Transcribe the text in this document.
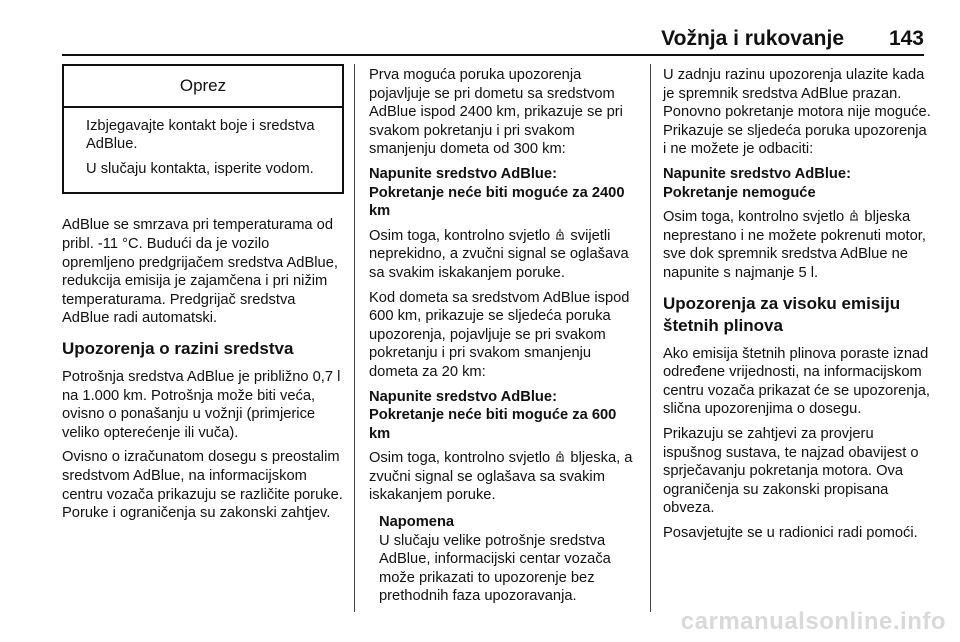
Vožnja i rukovanje 143
Oprez

Izbjegavajte kontakt boje i sredstva AdBlue.

U slučaju kontakta, isperite vodom.

AdBlue se smrzava pri temperaturama od pribl. -11 °C. Budući da je vozilo opremljeno predgrijačem sredstva AdBlue, redukcija emisija je zajamčena i pri nižim temperaturama. Predgrijač sredstva AdBlue radi automatski.

Upozorenja o razini sredstva

Potrošnja sredstva AdBlue je približno 0,7 l na 1.000 km. Potrošnja može biti veća, ovisno o ponašanju u vožnji (primjerice veliko opterećenje ili vuča).

Ovisno o izračunatom dosegu s preostalim sredstvom AdBlue, na informacijskom centru vozača prikazuju se različite poruke. Poruke i ograničenja su zakonski zahtjev.

Prva moguća poruka upozorenja pojavljuje se pri dometu sa sredstvom AdBlue ispod 2400 km, prikazuje se pri svakom pokretanju i pri svakom smanjenju dometa od 300 km:

Napunite sredstvo AdBlue:

Pokretanje neće biti moguće za 2400 km

Osim toga, kontrolno svjetlo svijetli neprekidno, a zvučni signal se oglašava sa svakim iskakanjem poruke.

Kod dometa sa sredstvom AdBlue ispod 600 km, prikazuje se sljedeća poruka upozorenja, pojavljuje se pri svakom pokretanju i pri svakom smanjenju dometa za 20 km:

Napunite sredstvo AdBlue:

Pokretanje neće biti moguće za 600 km

Osim toga, kontrolno svjetlo bljeska, a zvučni signal se oglašava sa svakim iskakanjem poruke.

Napomena
U slučaju velike potrošnje sredstva AdBlue, informacijski centar vozača može prikazati to upozorenje bez prethodnih faza upozoravanja.

U zadnju razinu upozorenja ulazite kada je spremnik sredstva AdBlue prazan. Ponovno pokretanje motora nije moguće. Prikazuje se sljedeća poruka upozorenja i ne možete je odbaciti:

Napunite sredstvo AdBlue:

Pokretanje nemoguće

Osim toga, kontrolno svjetlo bljeska neprestano i ne možete pokrenuti motor, sve dok spremnik sredstva AdBlue ne napunite s najmanje 5 l.

Upozorenja za visoku emisiju štetnih plinova

Ako emisija štetnih plinova poraste iznad određene vrijednosti, na informacijskom centru vozača prikazat će se upozorenja, slična upozorenjima o dosegu.

Prikazuju se zahtjevi za provjeru ispušnog sustava, te najzad obavijest o sprječavanju pokretanja motora. Ova ograničenja su zakonski propisana obveza.

Posavjetujte se u radionici radi pomoći.

carmanualsonline.info
